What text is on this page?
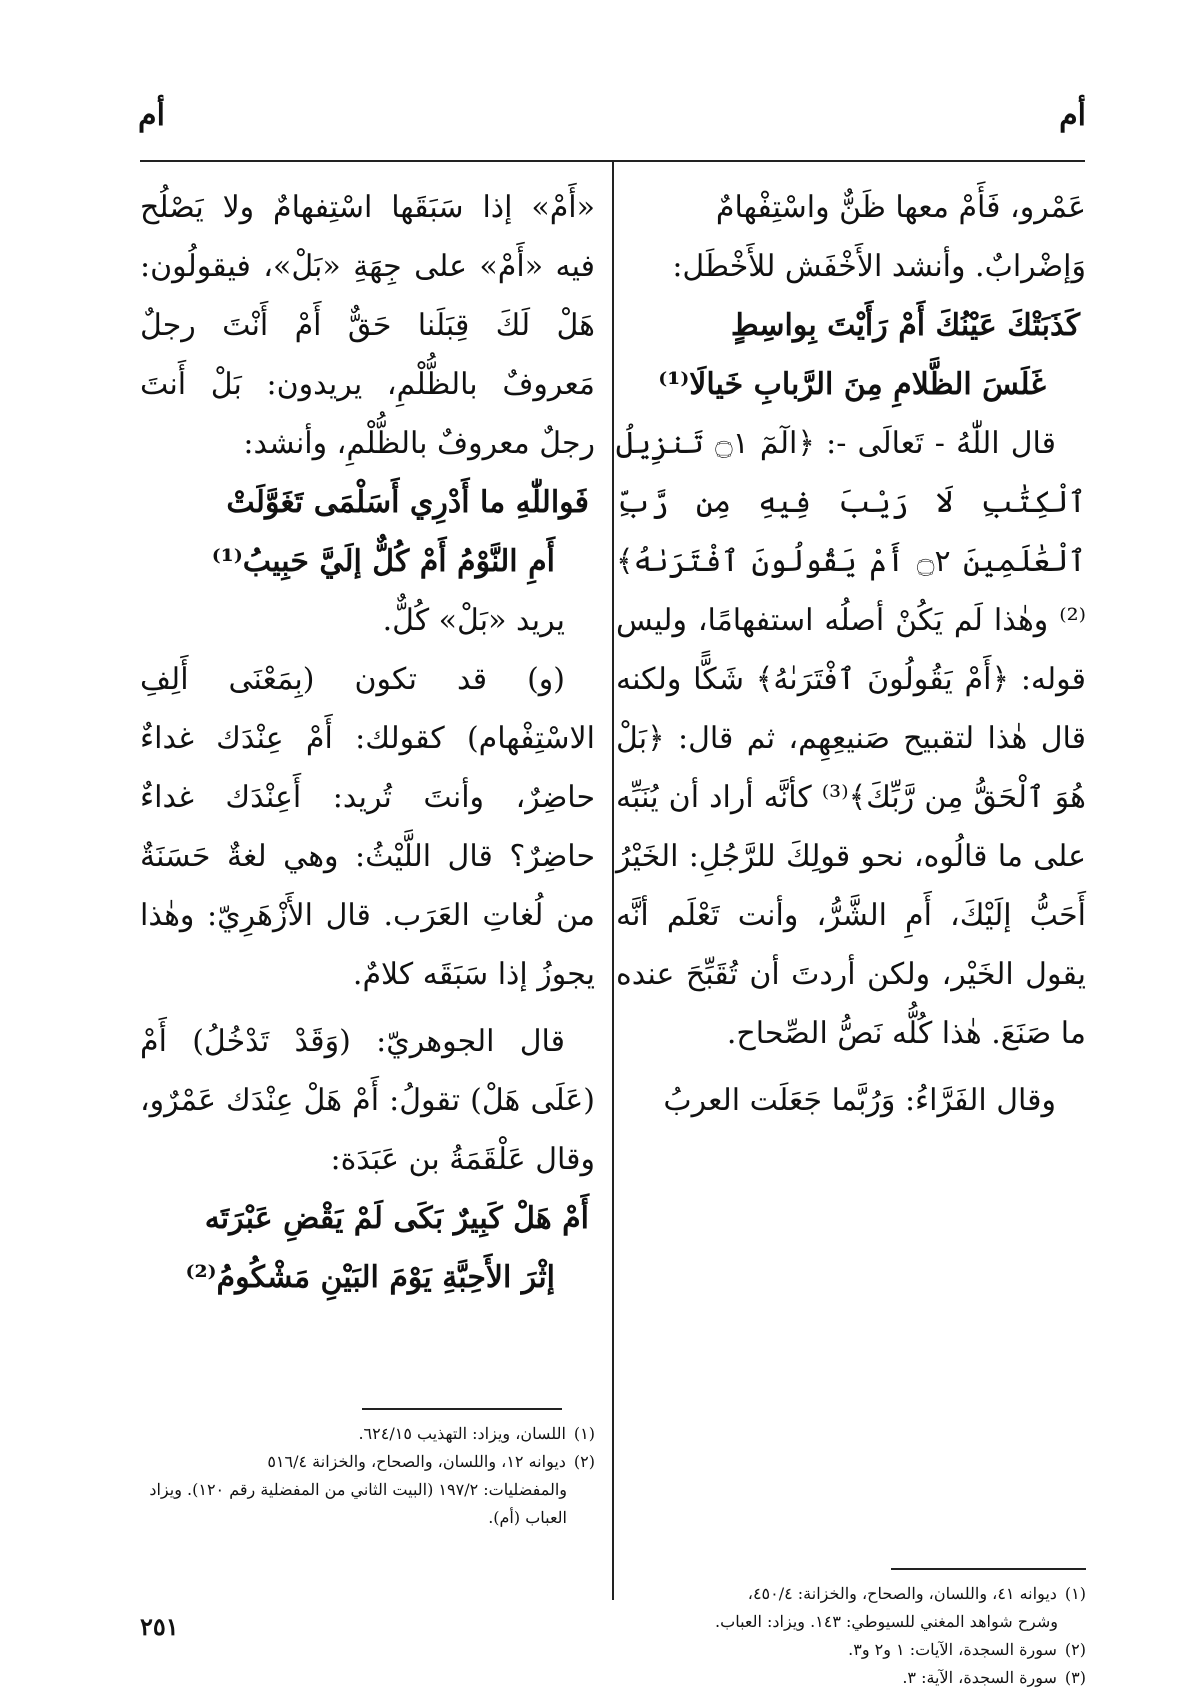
أم
أم

عَمْرو، فَأَمْ معها ظَنٌّ واسْتِفْهامٌ

وَإضْرابٌ. وأنشد الأَخْفَش للأَخْطَل:

كَذَبَتْكَ عَيْنُكَ أَمْ رَأَيْتَ بِواسِطٍ

غَلَسَ الظَّلامِ مِنَ الرَّبابِ خَيالَا⁽¹⁾

قال اللّٰهُ - تَعالَى -: ﴿الٓمٓ ۝١ تَنزِيلُ ٱلْكِتَٰبِ لَا رَيْبَ فِيهِ مِن رَّبِّ ٱلْعَٰلَمِينَ ۝٢ أَمْ يَقُولُونَ ٱفْتَرَىٰهُ﴾⁽²⁾ وهٰذا لَم يَكُنْ أصلُه استفهامًا، وليس قوله: ﴿أَمْ يَقُولُونَ ٱفْتَرَىٰهُ﴾ شَكًّا ولكنه قال هٰذا لتقبيح صَنيعِهِم، ثم قال: ﴿بَلْ هُوَ ٱلْحَقُّ مِن رَّبِّكَ﴾⁽³⁾ كأنَّه أراد أن يُنَبِّه على ما قالُوه، نحو قولِكَ للرَّجُلِ: الخَيْرُ أَحَبُّ إلَيْكَ، أَمِ الشَّرُّ، وأنت تَعْلَم أنَّه يقول الخَيْر، ولكن أردتَ أن تُقَبِّحَ عنده ما صَنَعَ. هٰذا كُلُّه نَصُّ الصِّحاح.

وقال الفَرَّاءُ: وَرُبَّما جَعَلَت العربُ

(١)ديوانه ٤١، واللسان، والصحاح، والخزانة: ٤٥٠/٤،

وشرح شواهد المغني للسيوطي: ١٤٣. ويزاد: العباب.

(٢)سورة السجدة، الآيات: ١ و٢ و٣.

(٣)سورة السجدة، الآية: ٣.

«أَمْ» إذا سَبَقَها اسْتِفهامٌ ولا يَصْلُح فيه «أَمْ» على جِهَةِ «بَلْ»، فيقولُون: هَلْ لَكَ قِبَلَنا حَقٌّ أَمْ أَنْتَ رجلٌ مَعروفٌ بالظُّلْمِ، يريدون: بَلْ أَنتَ رجلٌ معروفٌ بالظُّلْمِ، وأنشد:

فَواللّٰهِ ما أَدْرِي أَسَلْمَى تَغَوَّلَتْ

أَمِ النَّوْمُ أَمْ كُلٌّ إلَيَّ حَبِيبُ⁽¹⁾

يريد «بَلْ» كُلٌّ.

(و) قد تكون (بِمَعْنَى أَلِفِ الاسْتِفْهام) كقولك: أَمْ عِنْدَك غداءٌ حاضِرٌ، وأنتَ تُريد: أَعِنْدَك غداءٌ حاضِرٌ؟ قال اللَّيْثُ: وهي لغةٌ حَسَنَةٌ من لُغاتِ العَرَب. قال الأَزْهَرِيّ: وهٰذا يجوزُ إذا سَبَقَه كلامٌ.

قال الجوهريّ: (وَقَدْ تَدْخُلُ) أَمْ (عَلَى هَلْ) تقولُ: أَمْ هَلْ عِنْدَك عَمْرٌو، وقال عَلْقَمَةُ بن عَبَدَة:

أَمْ هَلْ كَبِيرٌ بَكَى لَمْ يَقْضِ عَبْرَتَه

إثْرَ الأَحِبَّةِ يَوْمَ البَيْنِ مَشْكُومُ⁽²⁾

(١)اللسان، ويزاد: التهذيب ٦٢٤/١٥.

(٢)ديوانه ١٢، واللسان، والصحاح، والخزانة ٥١٦/٤

والمفضليات: ١٩٧/٢ (البيت الثاني من المفضلية رقم ١٢٠). ويزاد العباب (أم).

٢٥١
